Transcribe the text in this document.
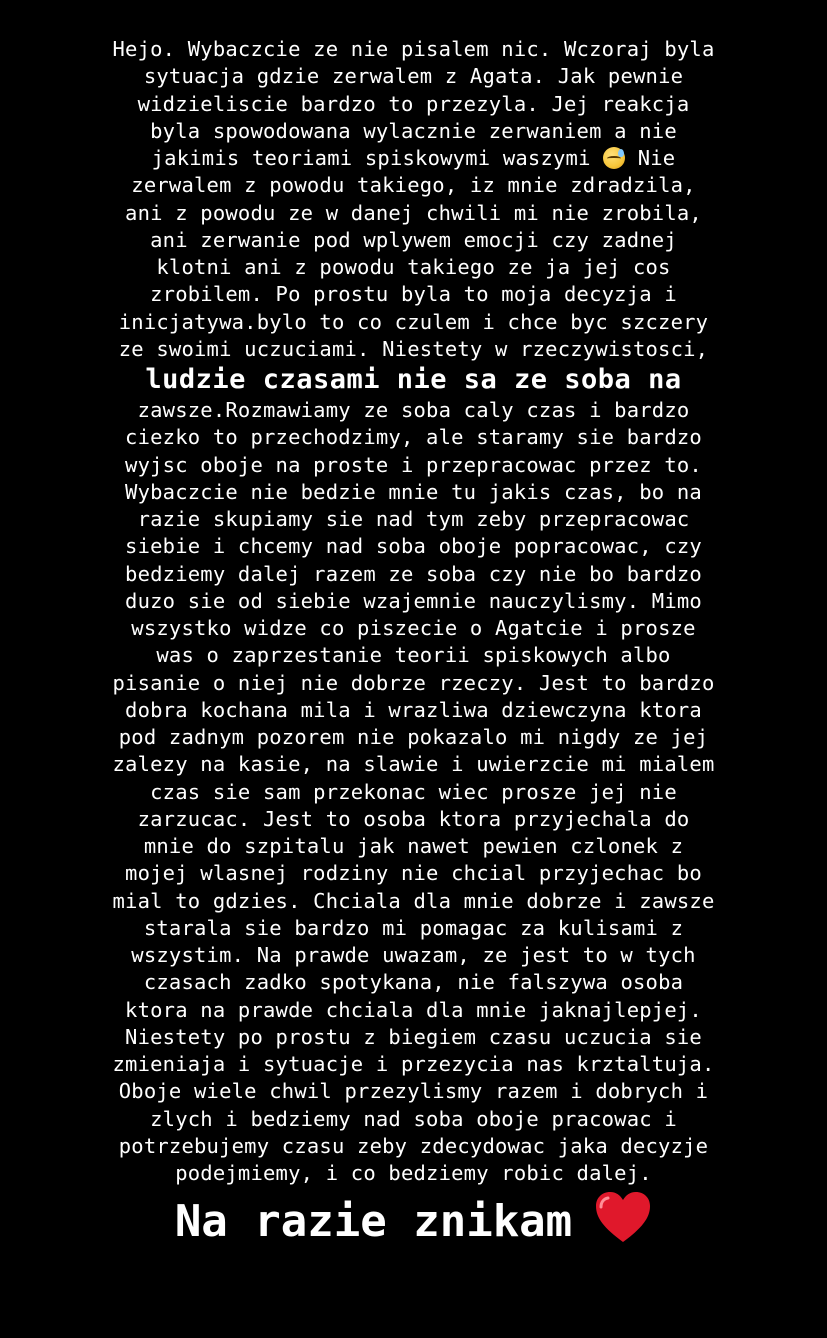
Hejo. Wybaczcie ze nie pisalem nic. Wczoraj byla
sytuacja gdzie zerwalem z Agata. Jak pewnie
widzieliscie bardzo to przezyla. Jej reakcja
byla spowodowana wylacznie zerwaniem a nie
jakimis teoriami spiskowymi waszymi Nie
zerwalem z powodu takiego, iz mnie zdradzila,
ani z powodu ze w danej chwili mi nie zrobila,
ani zerwanie pod wplywem emocji czy zadnej
klotni ani z powodu takiego ze ja jej cos
zrobilem. Po prostu byla to moja decyzja i
inicjatywa.bylo to co czulem i chce byc szczery
ze swoimi uczuciami. Niestety w rzeczywistosci,
ludzie czasami nie sa ze soba na
zawsze.Rozmawiamy ze soba caly czas i bardzo
ciezko to przechodzimy, ale staramy sie bardzo
wyjsc oboje na proste i przepracowac przez to.
Wybaczcie nie bedzie mnie tu jakis czas, bo na
razie skupiamy sie nad tym zeby przepracowac
siebie i chcemy nad soba oboje popracowac, czy
bedziemy dalej razem ze soba czy nie bo bardzo
duzo sie od siebie wzajemnie nauczylismy. Mimo
wszystko widze co piszecie o Agatcie i prosze
was o zaprzestanie teorii spiskowych albo
pisanie o niej nie dobrze rzeczy. Jest to bardzo
dobra kochana mila i wrazliwa dziewczyna ktora
pod zadnym pozorem nie pokazalo mi nigdy ze jej
zalezy na kasie, na slawie i uwierzcie mi mialem
czas sie sam przekonac wiec prosze jej nie
zarzucac. Jest to osoba ktora przyjechala do
mnie do szpitalu jak nawet pewien czlonek z
mojej wlasnej rodziny nie chcial przyjechac bo
mial to gdzies. Chciala dla mnie dobrze i zawsze
starala sie bardzo mi pomagac za kulisami z
wszystim. Na prawde uwazam, ze jest to w tych
czasach zadko spotykana, nie falszywa osoba
ktora na prawde chciala dla mnie jaknajlepjej.
Niestety po prostu z biegiem czasu uczucia sie
zmieniaja i sytuacje i przezycia nas krztaltuja.
Oboje wiele chwil przezylismy razem i dobrych i
zlych i bedziemy nad soba oboje pracowac i
potrzebujemy czasu zeby zdecydowac jaka decyzje
podejmiemy, i co bedziemy robic dalej.
Na razie znikam
